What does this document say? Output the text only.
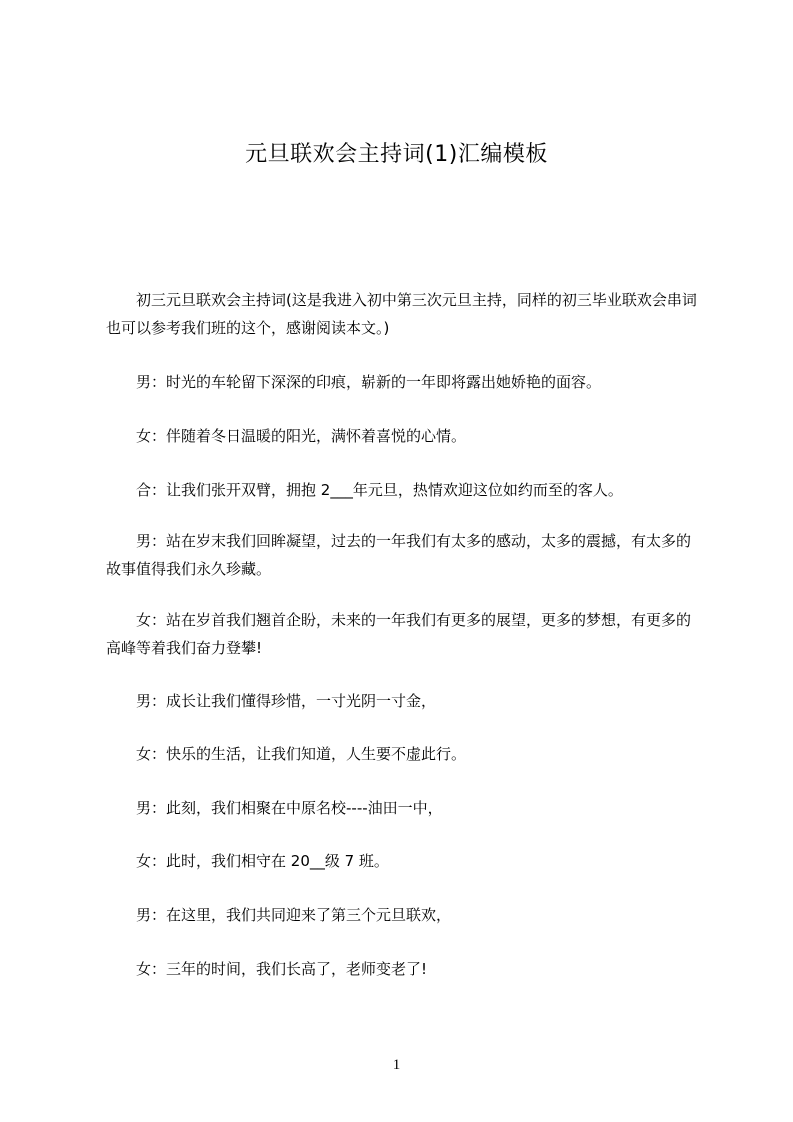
元旦联欢会主持词(1)汇编模板

初三元旦联欢会主持词(这是我进入初中第三次元旦主持，同样的初三毕业联欢会串词也可以参考我们班的这个，感谢阅读本文。)

男：时光的车轮留下深深的印痕，崭新的一年即将露出她娇艳的面容。

女：伴随着冬日温暖的阳光，满怀着喜悦的心情。

合：让我们张开双臂，拥抱 2___年元旦，热情欢迎这位如约而至的客人。

男：站在岁末我们回眸凝望，过去的一年我们有太多的感动，太多的震撼，有太多的故事值得我们永久珍藏。

女：站在岁首我们翘首企盼，未来的一年我们有更多的展望，更多的梦想，有更多的高峰等着我们奋力登攀!

男：成长让我们懂得珍惜，一寸光阴一寸金，

女：快乐的生活，让我们知道，人生要不虚此行。

男：此刻，我们相聚在中原名校----油田一中，

女：此时，我们相守在 20__级 7 班。

男：在这里，我们共同迎来了第三个元旦联欢，

女：三年的时间，我们长高了，老师变老了!

1
